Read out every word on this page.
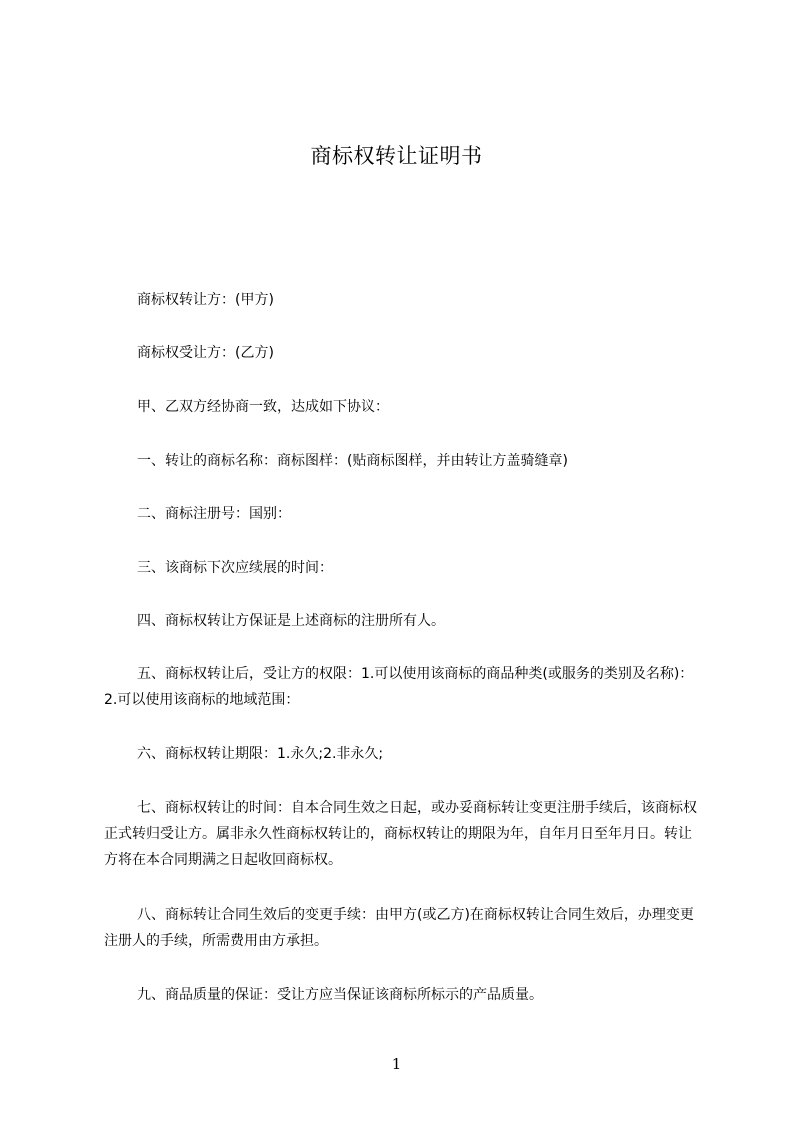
商标权转让证明书

商标权转让方：(甲方)

商标权受让方：(乙方)

甲、乙双方经协商一致，达成如下协议：

一、转让的商标名称：商标图样：(贴商标图样，并由转让方盖骑缝章)

二、商标注册号：国别：

三、该商标下次应续展的时间：

四、商标权转让方保证是上述商标的注册所有人。

五、商标权转让后，受让方的权限：1.可以使用该商标的商品种类(或服务的类别及名称)：2.可以使用该商标的地域范围：

六、商标权转让期限：1.永久;2.非永久;

七、商标权转让的时间：自本合同生效之日起，或办妥商标转让变更注册手续后，该商标权正式转归受让方。属非永久性商标权转让的，商标权转让的期限为年，自年月日至年月日。转让方将在本合同期满之日起收回商标权。

八、商标转让合同生效后的变更手续：由甲方(或乙方)在商标权转让合同生效后，办理变更注册人的手续，所需费用由方承担。

九、商品质量的保证：受让方应当保证该商标所标示的产品质量。

1
